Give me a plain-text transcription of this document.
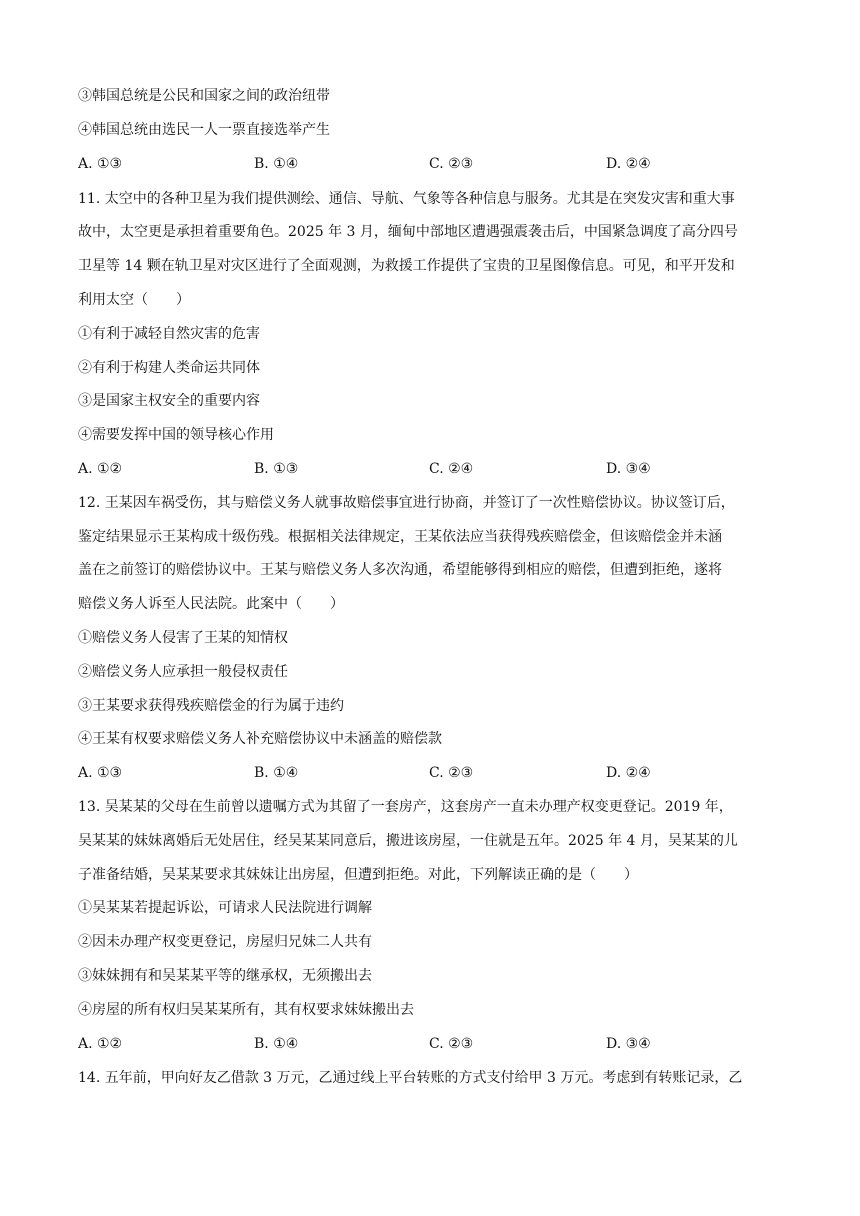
③韩国总统是公民和国家之间的政治纽带
④韩国总统由选民一人一票直接选举产生
A. ①③	B. ①④	C. ②③	D. ②④
11. 太空中的各种卫星为我们提供测绘、通信、导航、气象等各种信息与服务。尤其是在突发灾害和重大事
故中，太空更是承担着重要角色。2025 年 3 月，缅甸中部地区遭遇强震袭击后，中国紧急调度了高分四号
卫星等 14 颗在轨卫星对灾区进行了全面观测，为救援工作提供了宝贵的卫星图像信息。可见，和平开发和
利用太空（　　）
①有利于减轻自然灾害的危害
②有利于构建人类命运共同体
③是国家主权安全的重要内容
④需要发挥中国的领导核心作用
A. ①②	B. ①③	C. ②④	D. ③④
12. 王某因车祸受伤，其与赔偿义务人就事故赔偿事宜进行协商，并签订了一次性赔偿协议。协议签订后，
鉴定结果显示王某构成十级伤残。根据相关法律规定，王某依法应当获得残疾赔偿金，但该赔偿金并未涵
盖在之前签订的赔偿协议中。王某与赔偿义务人多次沟通，希望能够得到相应的赔偿，但遭到拒绝，遂将
赔偿义务人诉至人民法院。此案中（　　）
①赔偿义务人侵害了王某的知情权
②赔偿义务人应承担一般侵权责任
③王某要求获得残疾赔偿金的行为属于违约
④王某有权要求赔偿义务人补充赔偿协议中未涵盖的赔偿款
A. ①③	B. ①④	C. ②③	D. ②④
13. 吴某某的父母在生前曾以遗嘱方式为其留了一套房产，这套房产一直未办理产权变更登记。2019 年，
吴某某的妹妹离婚后无处居住，经吴某某同意后，搬进该房屋，一住就是五年。2025 年 4 月，吴某某的儿
子准备结婚，吴某某要求其妹妹让出房屋，但遭到拒绝。对此，下列解读正确的是（　　）
①吴某某若提起诉讼，可请求人民法院进行调解
②因未办理产权变更登记，房屋归兄妹二人共有
③妹妹拥有和吴某某平等的继承权，无须搬出去
④房屋的所有权归吴某某所有，其有权要求妹妹搬出去
A. ①②	B. ①④	C. ②③	D. ③④
14. 五年前，甲向好友乙借款 3 万元，乙通过线上平台转账的方式支付给甲 3 万元。考虑到有转账记录，乙
